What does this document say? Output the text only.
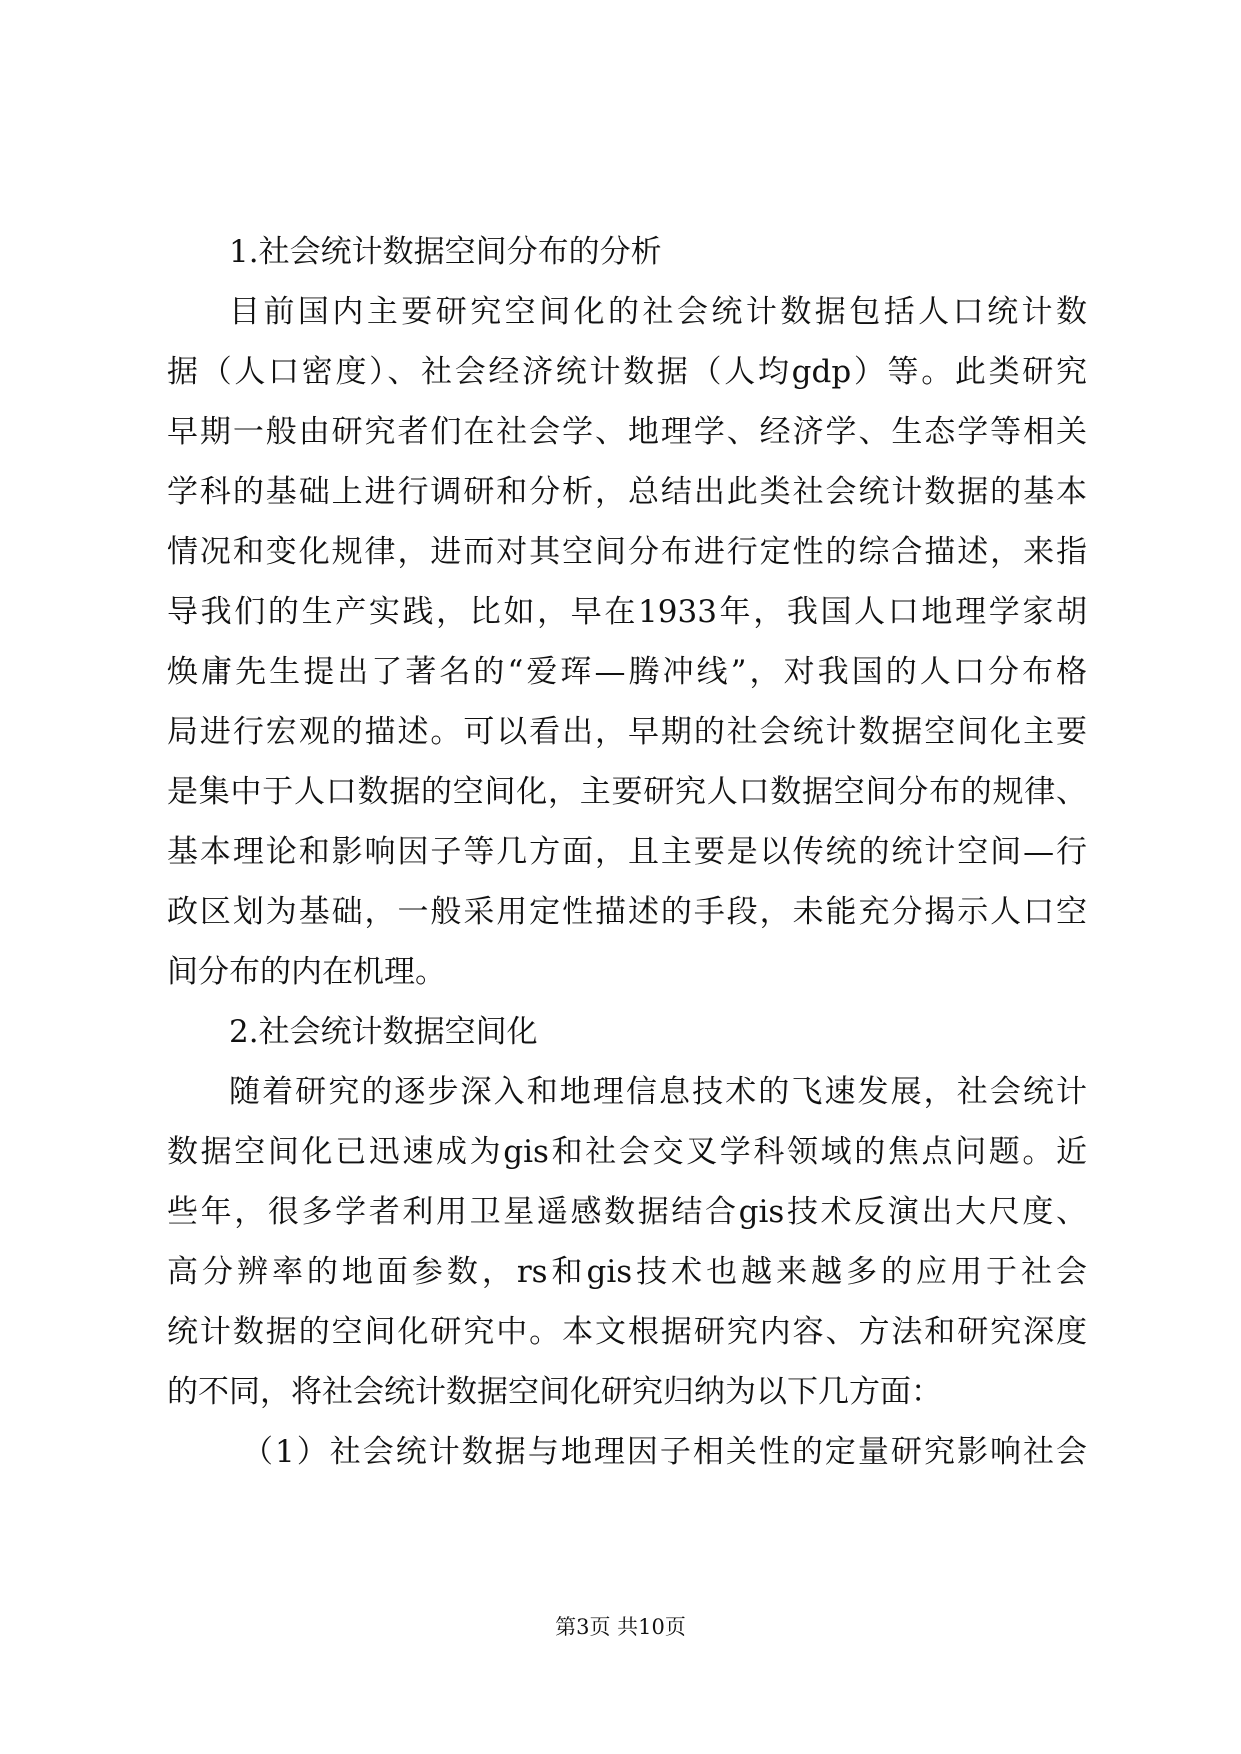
1.社会统计数据空间分布的分析
目前国内主要研究空间化的社会统计数据包括人口统计数
据（人口密度）、社会经济统计数据（人均gdp）等。此类研究
早期一般由研究者们在社会学、地理学、经济学、生态学等相关
学科的基础上进行调研和分析，总结出此类社会统计数据的基本
情况和变化规律，进而对其空间分布进行定性的综合描述，来指
导我们的生产实践，比如，早在1933年，我国人口地理学家胡
焕庸先生提出了著名的“爱珲—腾冲线”，对我国的人口分布格
局进行宏观的描述。可以看出，早期的社会统计数据空间化主要
是集中于人口数据的空间化，主要研究人口数据空间分布的规律、
基本理论和影响因子等几方面，且主要是以传统的统计空间—行
政区划为基础，一般采用定性描述的手段，未能充分揭示人口空
间分布的内在机理。
2.社会统计数据空间化
随着研究的逐步深入和地理信息技术的飞速发展，社会统计
数据空间化已迅速成为gis和社会交叉学科领域的焦点问题。近
些年，很多学者利用卫星遥感数据结合gis技术反演出大尺度、
高分辨率的地面参数，rs和gis技术也越来越多的应用于社会
统计数据的空间化研究中。本文根据研究内容、方法和研究深度
的不同，将社会统计数据空间化研究归纳为以下几方面：
（1）社会统计数据与地理因子相关性的定量研究影响社会
第3页 共10页
